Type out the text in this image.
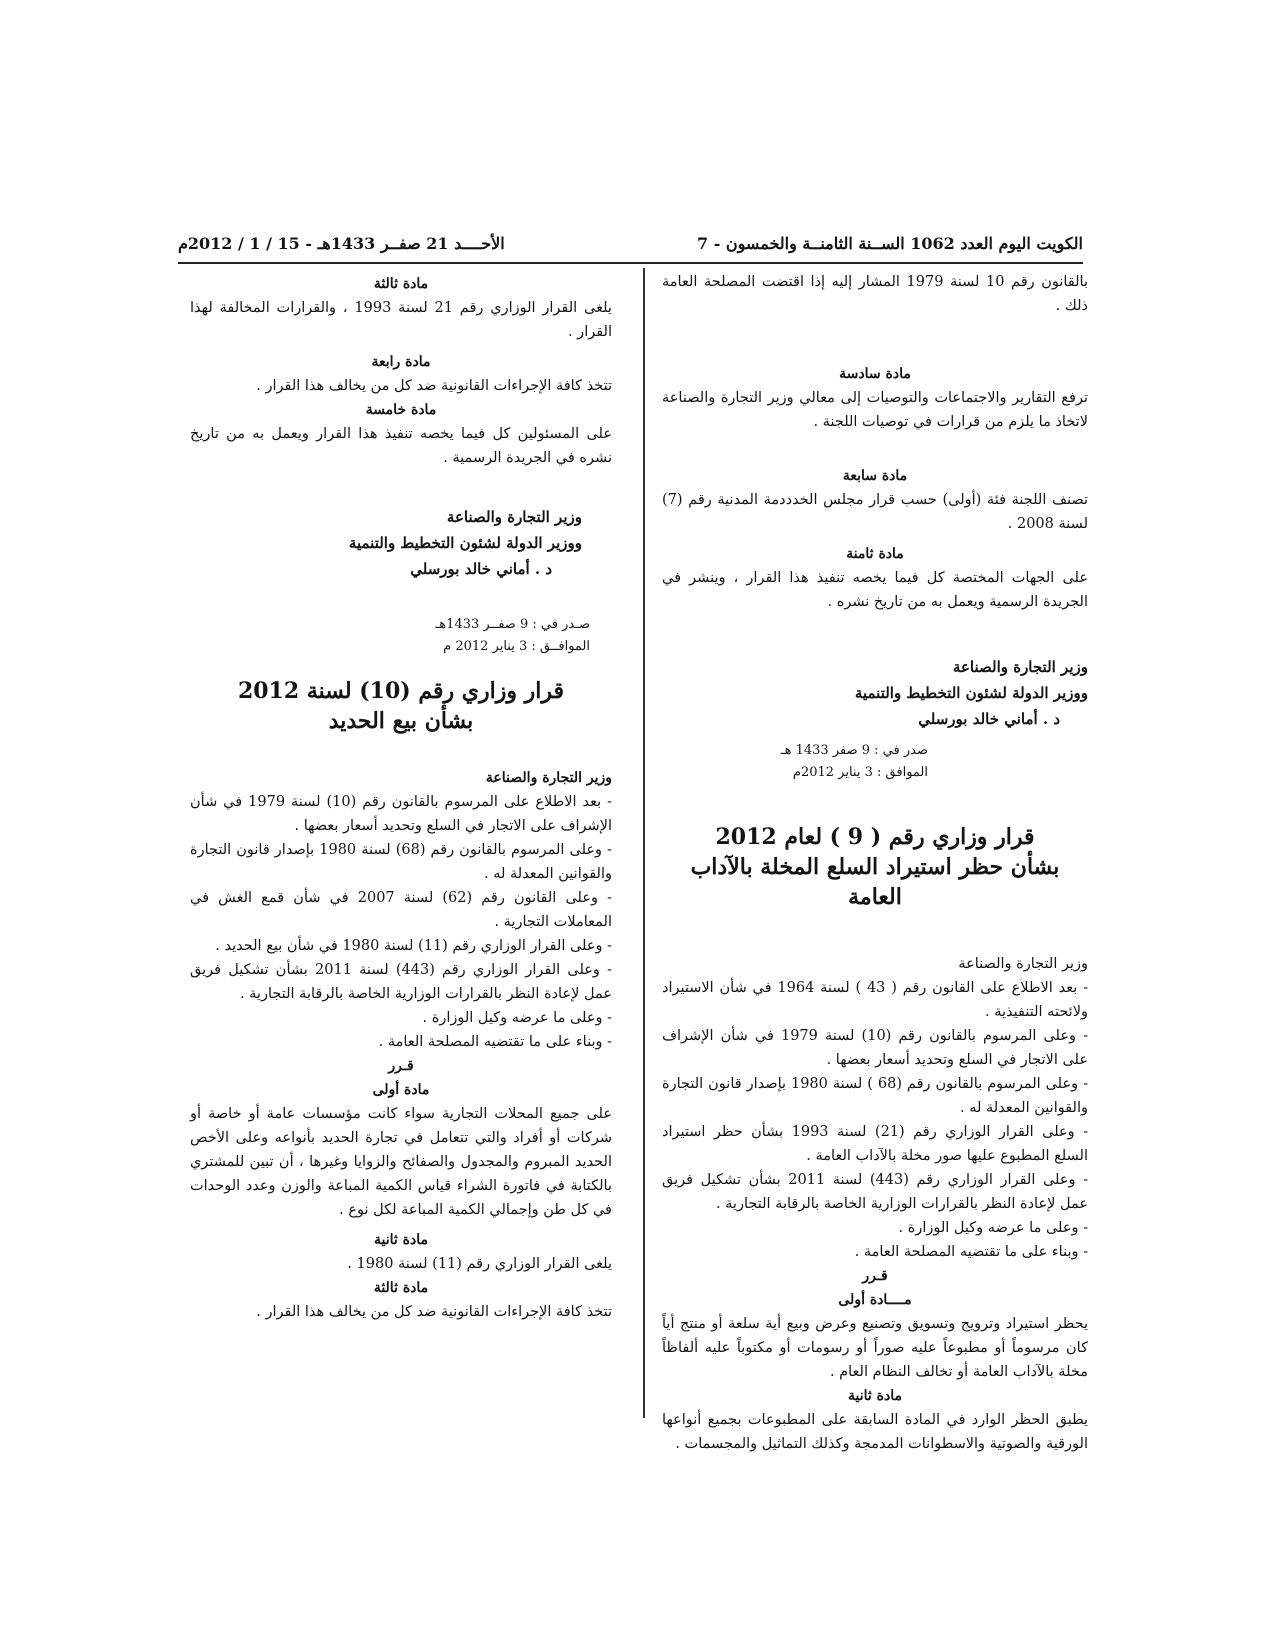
الأحــــد 21 صفــر 1433هـ - 15 / 1 / 2012م	الكويت اليوم العدد 1062 الســنة الثامنــة والخمسون - 7

بالقانون رقم 10 لسنة 1979 المشار إليه إذا اقتضت المصلحة العامة ذلك .

مادة سادسة

ترفع التقارير والاجتماعات والتوصيات إلى معالي وزير التجارة والصناعة لاتخاذ ما يلزم من قرارات في توصيات اللجنة .

مادة سابعة

تصنف اللجنة فئة (أولى) حسب قرار مجلس الخدددمة المدنية رقم (7) لسنة 2008 .

مادة ثامنة

على الجهات المختصة كل فيما يخصه تنفيذ هذا القرار ، وينشر في الجريدة الرسمية ويعمل به من تاريخ نشره .

وزير التجارة والصناعة

ووزير الدولة لشئون التخطيط والتنمية

د . أماني خالد بورسلي

صدر في : 9 صفر 1433 هـ
الموافق : 3 يناير 2012م

قرار وزاري رقم ( 9 ) لعام 2012

بشأن حظر استيراد السلع المخلة بالآداب العامة

وزير التجارة والصناعة

- بعد الاطلاع على القانون رقم ( 43 ) لسنة 1964 في شأن الاستيراد ولائحته التنفيذية .

- وعلى المرسوم بالقانون رقم (10) لسنة 1979 في شأن الإشراف على الاتجار في السلع وتحديد أسعار بعضها .

- وعلى المرسوم بالقانون رقم (68 ) لسنة 1980 بإصدار قانون التجارة والقوانين المعدلة له .

- وعلى القرار الوزاري رقم (21) لسنة 1993 بشأن حظر استيراد السلع المطبوع عليها صور مخلة بالآداب العامة .

- وعلى القرار الوزاري رقم (443) لسنة 2011 بشأن تشكيل فريق عمل لإعادة النظر بالقرارات الوزارية الخاصة بالرقابة التجارية .

- وعلى ما عرضه وكيل الوزارة .

- وبناء على ما تقتضيه المصلحة العامة .

قـرر
مــــادة أولى

يحظر استيراد وترويج وتسويق وتصنيع وعرض وبيع أية سلعة أو منتج أياً كان مرسوماً أو مطبوعاً عليه صوراً أو رسومات أو مكتوباً عليه ألفاظاً مخلة بالآداب العامة أو تخالف النظام العام .

مادة ثانية

يطبق الحظر الوارد في المادة السابقة على المطبوعات بجميع أنواعها الورقية والصوتية والاسطوانات المدمجة وكذلك التماثيل والمجسمات .

مادة ثالثة

يلغى القرار الوزاري رقم 21 لسنة 1993 ، والقرارات المخالفة لهذا القرار .

مادة رابعة

تتخذ كافة الإجراءات القانونية ضد كل من يخالف هذا القرار .

مادة خامسة

على المسئولين كل فيما يخصه تنفيذ هذا القرار ويعمل به من تاريخ نشره في الجريدة الرسمية .

وزير التجارة والصناعة

ووزير الدولة لشئون التخطيط والتنمية

د . أماني خالد بورسلي

صـدر في : 9 صفــر 1433هـ
الموافــق : 3 يناير 2012 م

قرار وزاري رقم (10) لسنة 2012

بشأن بيع الحديد

وزير التجارة والصناعة

- بعد الاطلاع على المرسوم بالقانون رقم (10) لسنة 1979 في شأن الإشراف على الاتجار في السلع وتحديد أسعار بعضها .

- وعلى المرسوم بالقانون رقم (68) لسنة 1980 بإصدار قانون التجارة والقوانين المعدلة له .

- وعلى القانون رقم (62) لسنة 2007 في شأن قمع الغش في المعاملات التجارية .

- وعلى القرار الوزاري رقم (11) لسنة 1980 في شأن بيع الحديد .

- وعلى القرار الوزاري رقم (443) لسنة 2011 بشأن تشكيل فريق عمل لإعادة النظر بالقرارات الوزارية الخاصة بالرقابة التجارية .

- وعلى ما عرضه وكيل الوزارة .

- وبناء على ما تقتضيه المصلحة العامة .

قـرر
مادة أولى

على جميع المحلات التجارية سواء كانت مؤسسات عامة أو خاصة أو شركات أو أفراد والتي تتعامل في تجارة الحديد بأنواعه وعلى الأخص الحديد المبروم والمجدول والصفائح والزوايا وغيرها ، أن تبين للمشتري بالكتابة في فاتورة الشراء قياس الكمية المباعة والوزن وعدد الوحدات في كل طن وإجمالي الكمية المباعة لكل نوع .

مادة ثانية

يلغى القرار الوزاري رقم (11) لسنة 1980 .

مادة ثالثة

تتخذ كافة الإجراءات القانونية ضد كل من يخالف هذا القرار .
